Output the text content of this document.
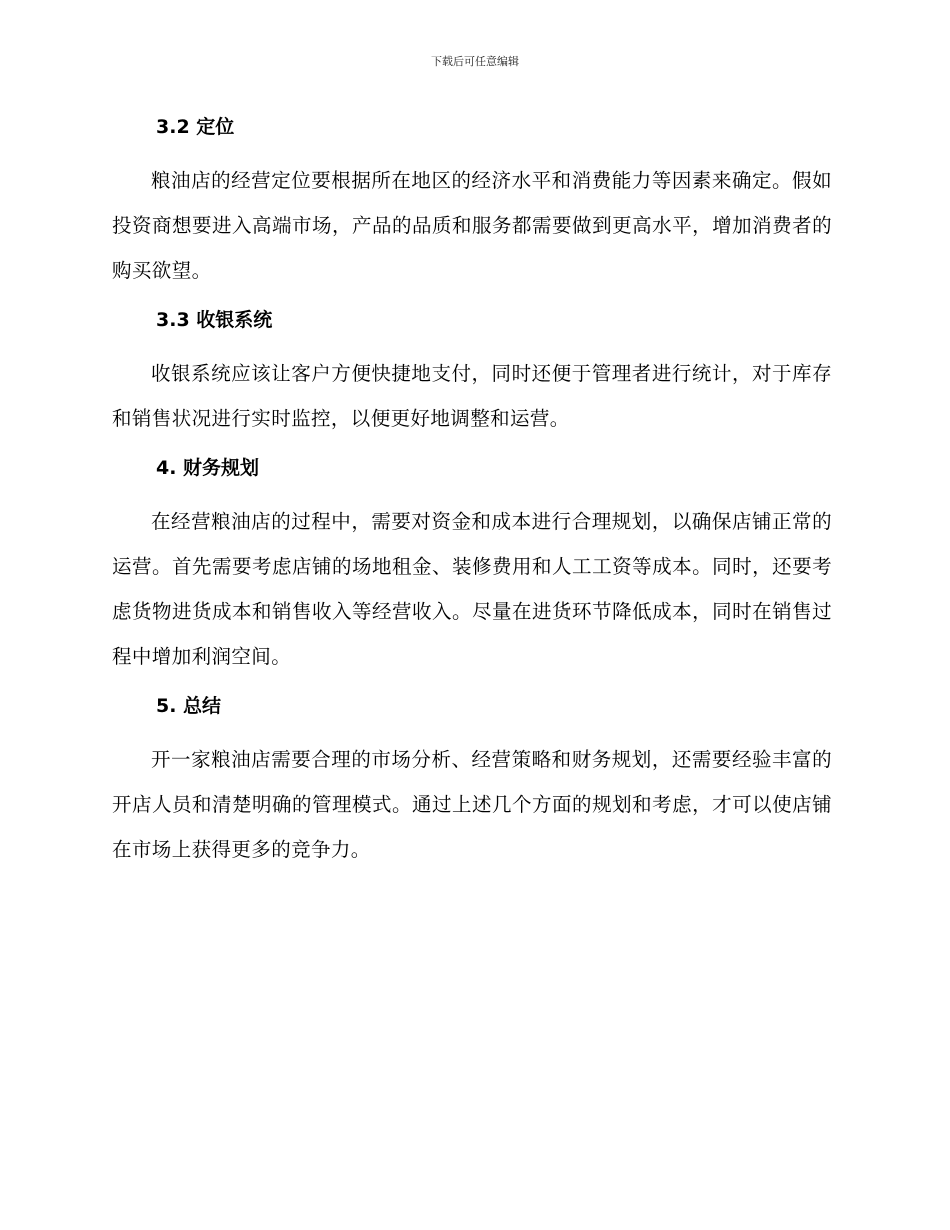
下载后可任意编辑
3.2 定位

粮油店的经营定位要根据所在地区的经济水平和消费能力等因素来确定。假如投资商想要进入高端市场，产品的品质和服务都需要做到更高水平，增加消费者的购买欲望。

3.3 收银系统

收银系统应该让客户方便快捷地支付，同时还便于管理者进行统计，对于库存和销售状况进行实时监控，以便更好地调整和运营。

4. 财务规划

在经营粮油店的过程中，需要对资金和成本进行合理规划，以确保店铺正常的运营。首先需要考虑店铺的场地租金、装修费用和人工工资等成本。同时，还要考虑货物进货成本和销售收入等经营收入。尽量在进货环节降低成本，同时在销售过程中增加利润空间。

5. 总结

开一家粮油店需要合理的市场分析、经营策略和财务规划，还需要经验丰富的开店人员和清楚明确的管理模式。通过上述几个方面的规划和考虑，才可以使店铺在市场上获得更多的竞争力。
